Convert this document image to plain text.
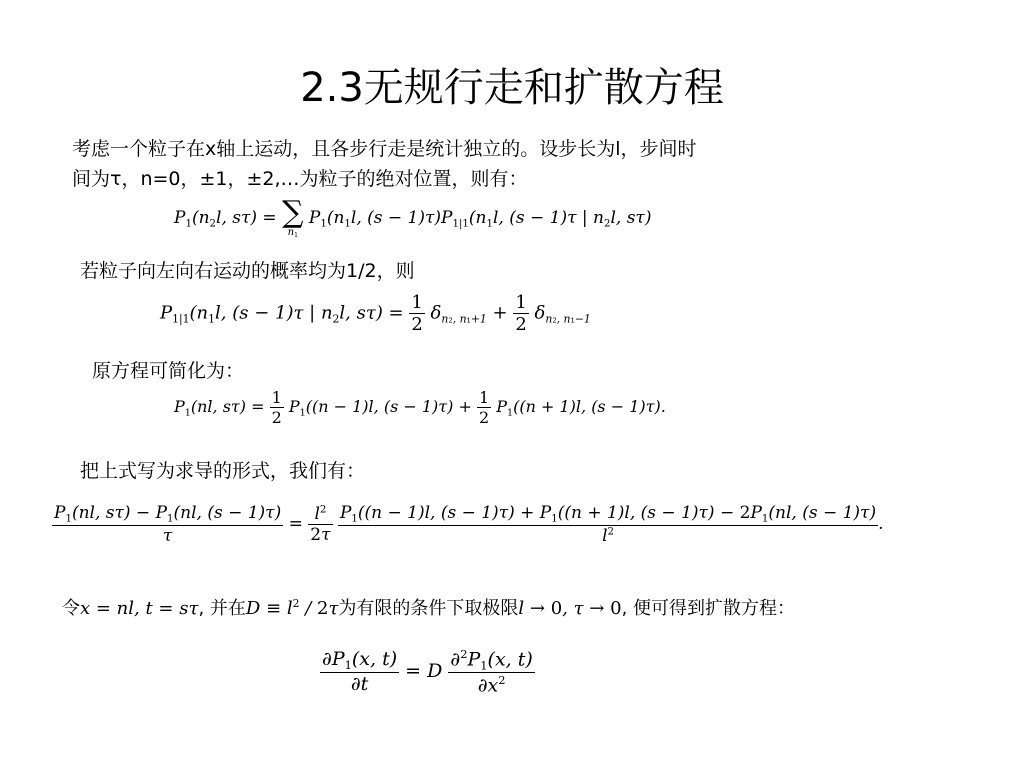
2.3无规行走和扩散方程
考虑一个粒子在x轴上运动，且各步行走是统计独立的。设步长为l，步间时
间为τ，n=0，±1，±2,…为粒子的绝对位置，则有：
$P_1(n_2l$, sτ) = ∑
$n_1$
$P_1(n_1l$, $(s - 1)\tau)P_{1|1}(n_1l$, (s − 1)τ | $n_2l$, sτ)
若粒子向左向右运动的概率均为1/2，则
$P_{1|1}(n_1l$, (s − 1)τ | $n_2l$, $s\tau) = \frac{1}{2} \delta_{n_2, n_1+1} + \frac{1}{2} \delta_{n_2, n_1-1}$
原方程可简化为：
$P_1(nl$, $s\tau) = \frac{1}{2} P_1((n - 1)l$, $(s - 1)\tau) + \frac{1}{2} P_1((n + 1)l$, (s − 1)τ).
把上式写为求导的形式，我们有：
$\frac{P_1(nl, s\tau) - P_1(nl, (s - 1)\tau)}{\tau} = \frac{l^2}{2\tau}$
$P_1((n - 1)l$, $(s - 1)\tau) + P_1((n + 1)l$, $(s - 1)\tau) - 2P_1(nl$, (s − 1)τ)
$l^2$	.
令x = nl, t = sτ, 并在$D \equiv l^2 / 2\tau$为有限的条件下取极限l → 0, τ → 0, 便可得到扩散方程：
$\frac{\partial P_1(x, t)}{\partial t} = D \frac{\partial^2P_1(x, t)}{\partial x^2}$
